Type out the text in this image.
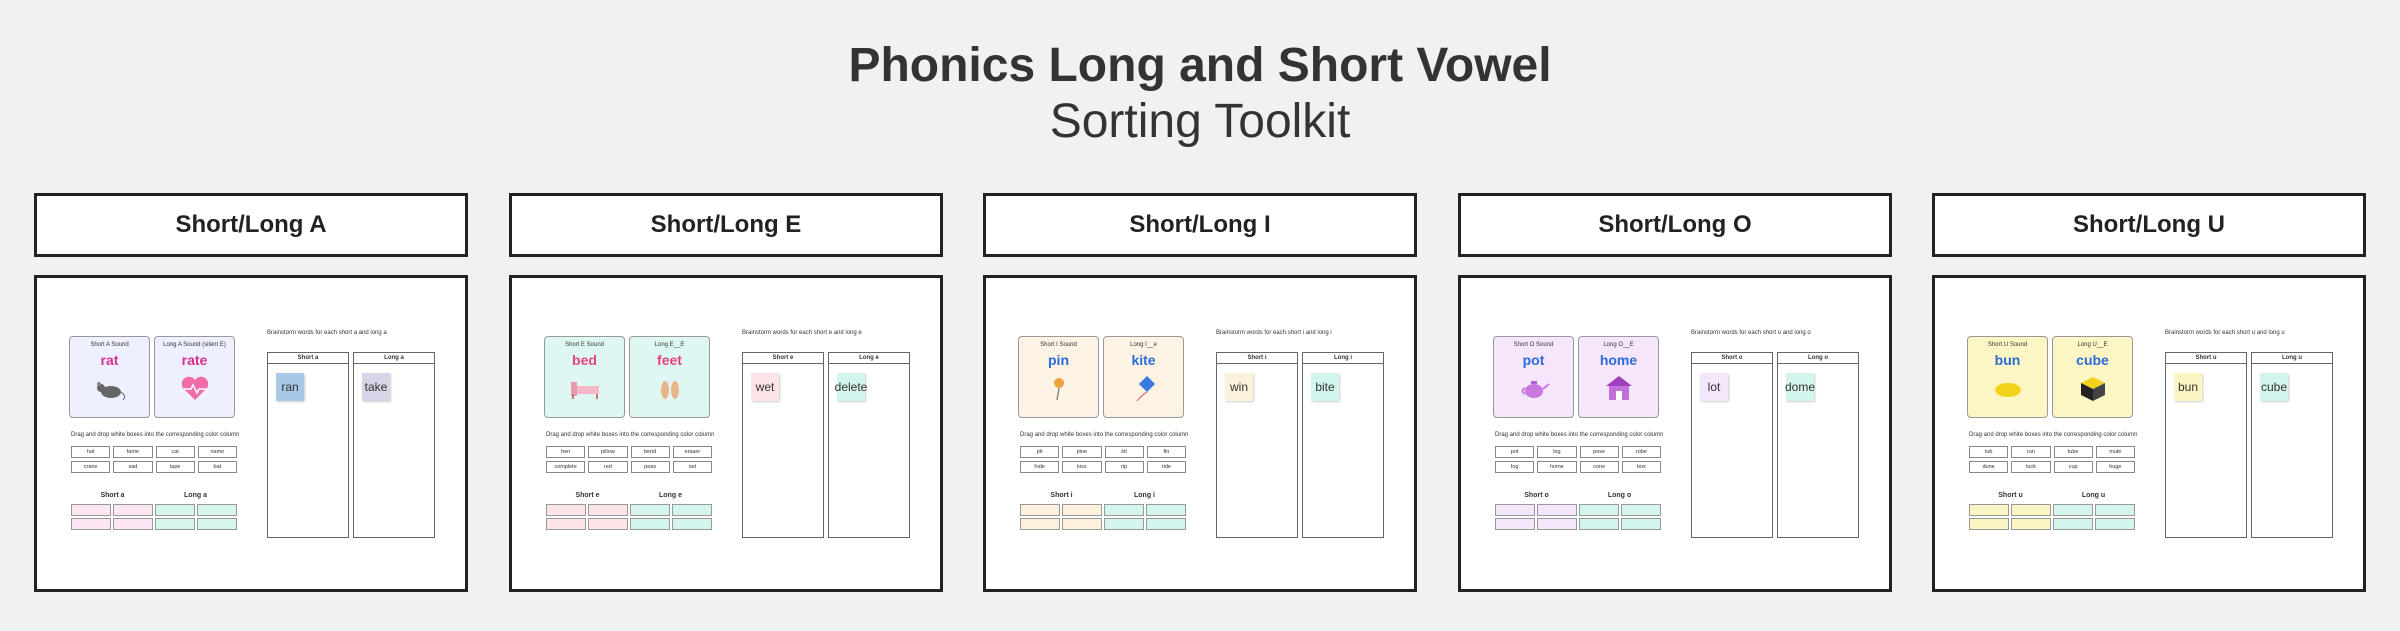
Phonics Long and Short Vowel
Sorting Toolkit
Short/Long A
Short A Sound
rat
Long A Sound (silent E)
rate
Drag and drop white boxes into the corresponding color column
hat	fame	cat	name
crane	sad	tape	bat
Short a	Long a
Brainstorm words for each short a and long a
Short a
ran
Long a
take
Short/Long E
Short E Sound
bed
Long E__E
feet
Drag and drop white boxes into the corresponding color column
hen	pillow	bend	eraser
complete	red	peas	set
Short e	Long e
Brainstorm words for each short e and long e
Short e
wet
Long e
delete
Short/Long I
Short I Sound
pin
Long I__e
kite
Drag and drop white boxes into the corresponding color column
pit	pine	kit	fin
hide	kiss	rip	ride
Short i	Long i
Brainstorm words for each short i and long i
Short i
win
Long i
bite
Short/Long O
Short O Sound
pot
Long O__E
home
Drag and drop white boxes into the corresponding color column
pot	log	pose	robe
fog	home	cone	box
Short o	Long o
Brainstorm words for each short o and long o
Short o
lot
Long o
dome
Short/Long U
Short U Sound
bun
Long U__E
cube
Drag and drop white boxes into the corresponding color column
tub	run	tube	mute
dune	tuck	cup	huge
Short u	Long u
Brainstorm words for each short u and long u
Short u
bun
Long u
cube
